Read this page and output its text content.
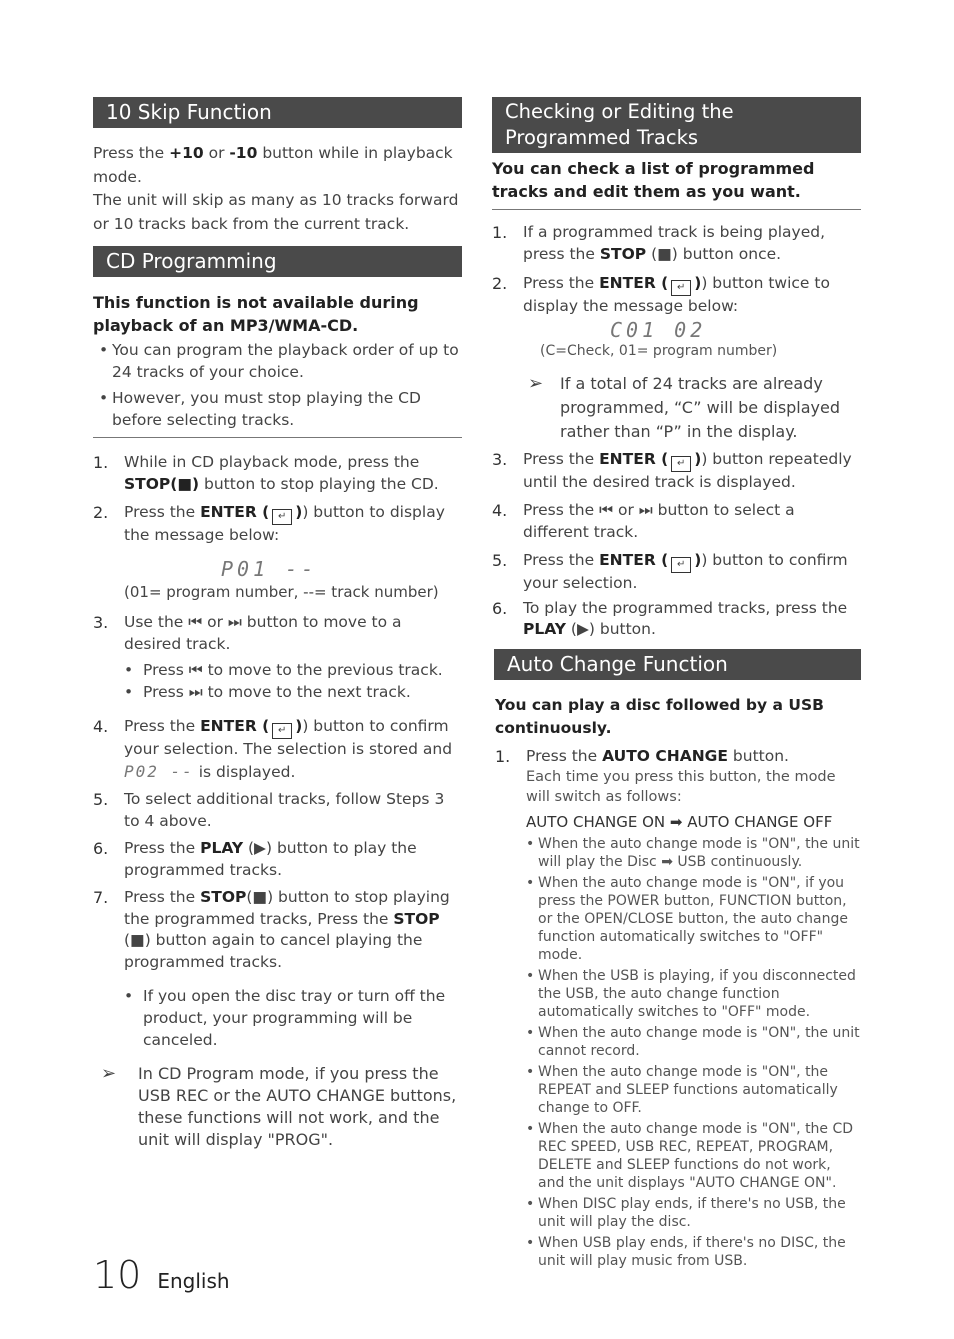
10 Skip Function
Press the +10 or -10 button while in playback mode.
The unit will skip as many as 10 tracks forward or 10 tracks back from the current track.
CD Programming
This function is not available during playback of an MP3/WMA-CD.
• You can program the playback order of up to 24 tracks of your choice.
• However, you must stop playing the CD before selecting tracks.
1.	While in CD playback mode, press the STOP(■) button to stop playing the CD.
2.	Press the ENTER ( ↵ )) button to display the message below:
P01 --
(01= program number, --= track number)
3.	Use the ⏮ or ⏭ button to move to a desired track.
• Press ⏮ to move to the previous track.
• Press ⏭ to move to the next track.
4.	Press the ENTER ( ↵ )) button to confirm your selection. The selection is stored and P02 -- is displayed.
5.	To select additional tracks, follow Steps 3 to 4 above.
6.	Press the PLAY (▶) button to play the programmed tracks.
7.	Press the STOP(■) button to stop playing the programmed tracks, Press the STOP (■) button again to cancel playing the programmed tracks.
• If you open the disc tray or turn off the product, your programming will be canceled.
➢	In CD Program mode, if you press the USB REC or the AUTO CHANGE buttons, these functions will not work, and the unit will display "PROG".
Checking or Editing the Programmed Tracks
You can check a list of programmed tracks and edit them as you want.
1.	If a programmed track is being played, press the STOP (■) button once.
2.	Press the ENTER ( ↵ )) button twice to display the message below:
C01 02
(C=Check, 01= program number)
➢	If a total of 24 tracks are already programmed, “C” will be displayed rather than “P” in the display.
3.	Press the ENTER ( ↵ )) button repeatedly until the desired track is displayed.
4.	Press the ⏮ or ⏭ button to select a different track.
5.	Press the ENTER ( ↵ )) button to confirm your selection.
6.	To play the programmed tracks, press the PLAY (▶) button.
Auto Change Function
You can play a disc followed by a USB continuously.
1.	Press the AUTO CHANGE button.
Each time you press this button, the mode will switch as follows:
AUTO CHANGE ON ➡ AUTO CHANGE OFF
• When the auto change mode is "ON", the unit will play the Disc ➡ USB continuously.
• When the auto change mode is "ON", if you press the POWER button, FUNCTION button, or the OPEN/CLOSE button, the auto change function automatically switches to "OFF" mode.
• When the USB is playing, if you disconnected the USB, the auto change function automatically switches to "OFF" mode.
• When the auto change mode is "ON", the unit cannot record.
• When the auto change mode is "ON", the REPEAT and SLEEP functions automatically change to OFF.
• When the auto change mode is "ON", the CD REC SPEED, USB REC, REPEAT, PROGRAM, DELETE and SLEEP functions do not work, and the unit displays "AUTO CHANGE ON".
• When DISC play ends, if there's no USB, the unit will play the disc.
• When USB play ends, if there's no DISC, the unit will play music from USB.
10 English
